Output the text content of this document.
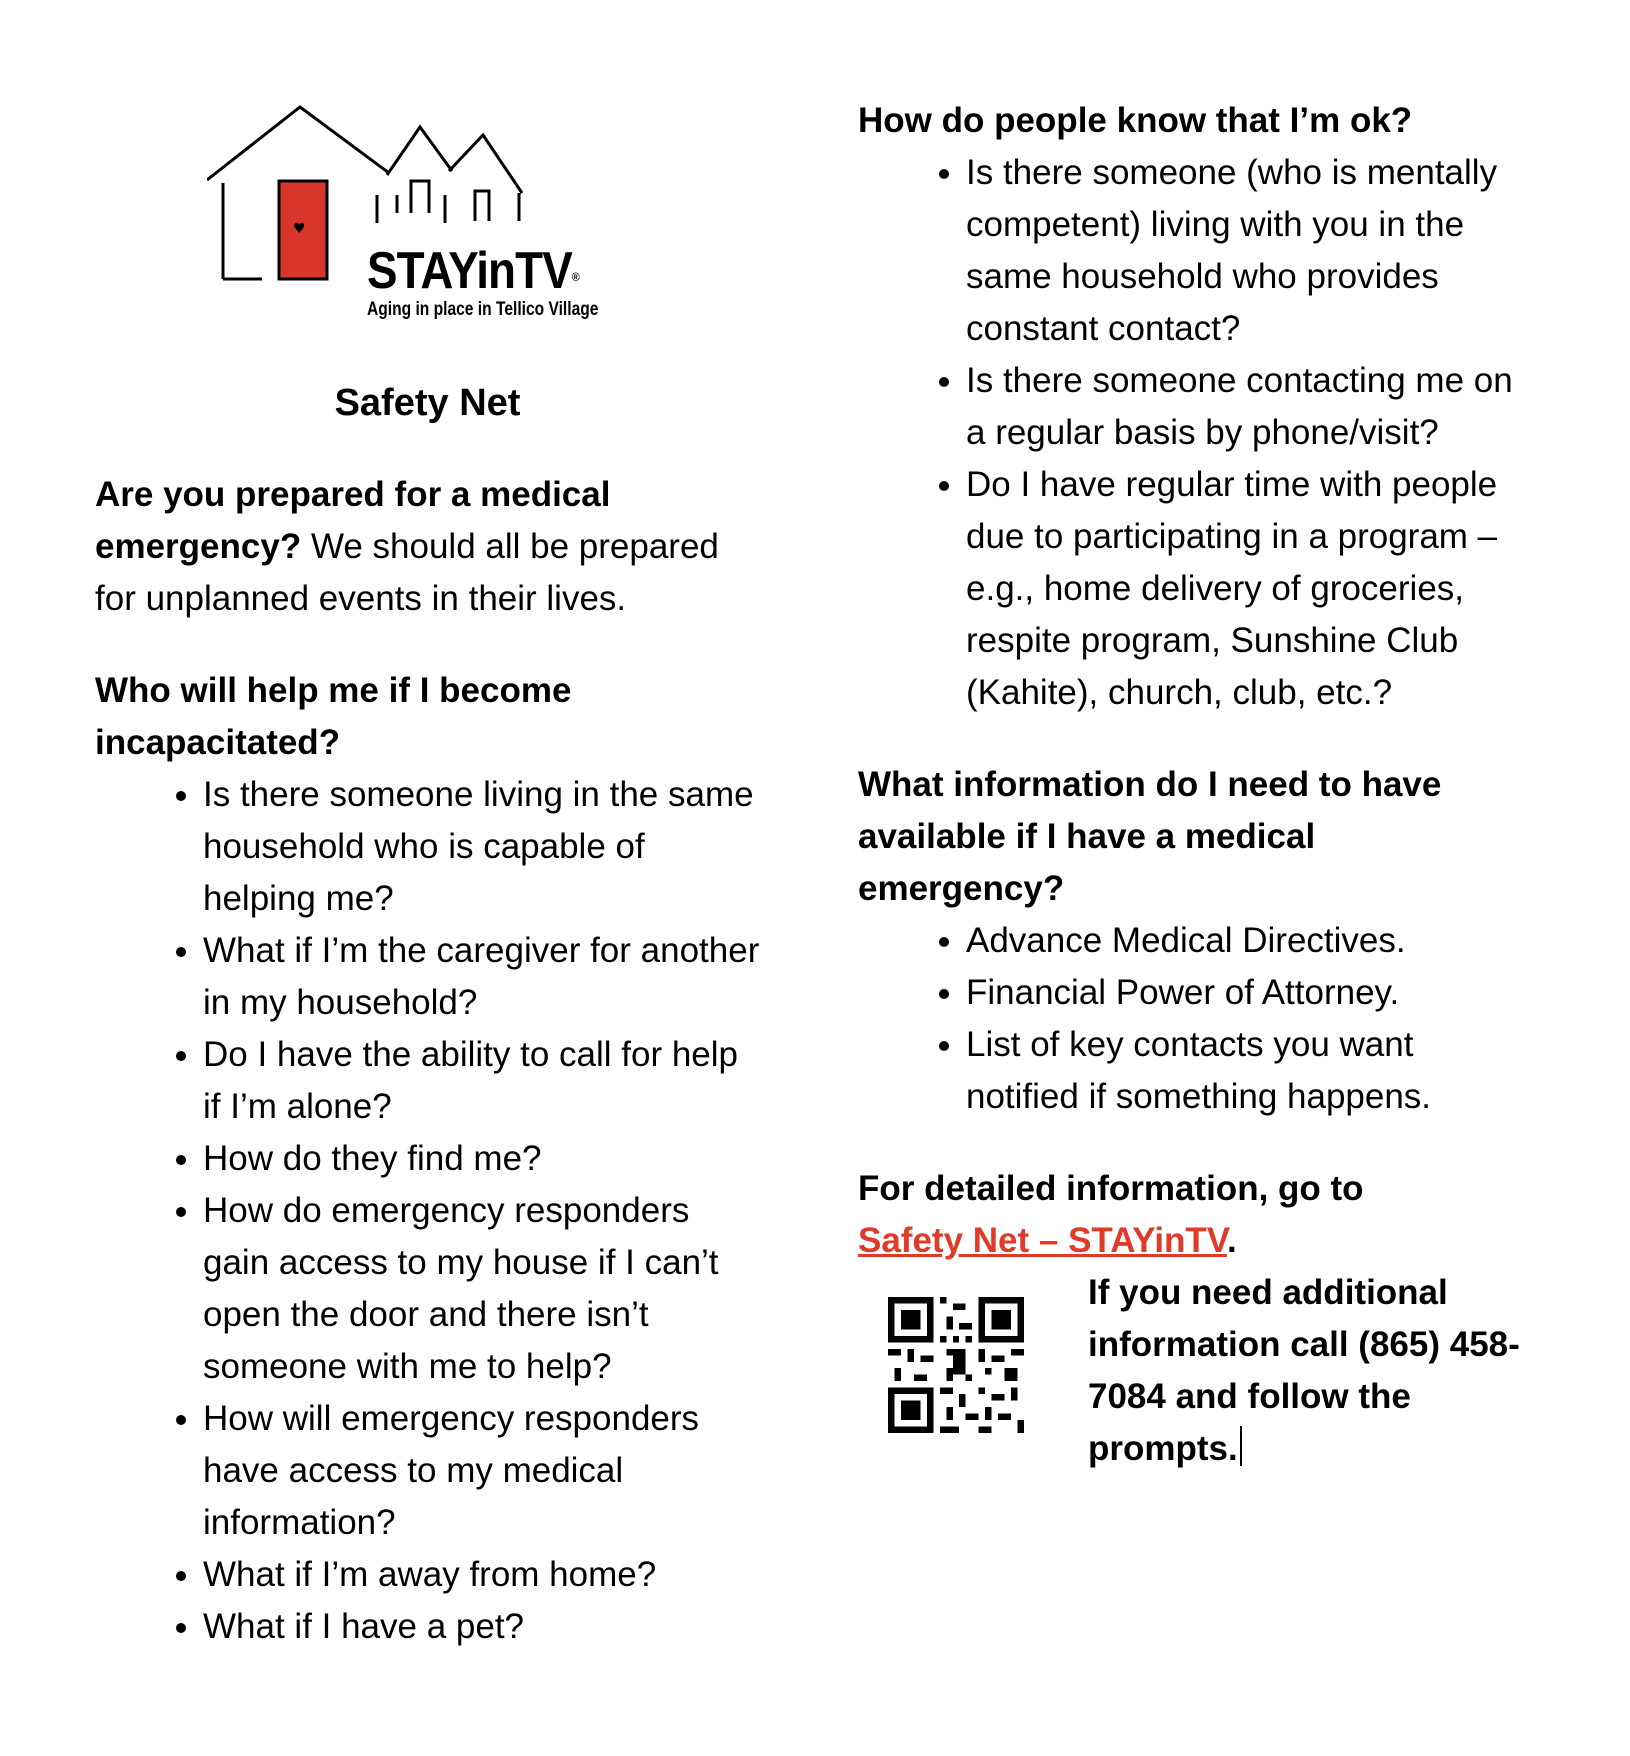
♥
STAYinTV®
Aging in place in Tellico Village
Safety Net

Are you prepared for a medical emergency? We should all be prepared for unplanned events in their lives.

Who will help me if I become incapacitated?

• Is there someone living in the same household who is capable of helping me?
• What if I’m the caregiver for another in my household?
• Do I have the ability to call for help if I’m alone?
• How do they find me?
• How do emergency responders gain access to my house if I can’t open the door and there isn’t someone with me to help?
• How will emergency responders have access to my medical information?
• What if I’m away from home?
• What if I have a pet?

How do people know that I’m ok?

• Is there someone (who is mentally competent) living with you in the same household who provides constant contact?
• Is there someone contacting me on a regular basis by phone/visit?
• Do I have regular time with people due to participating in a program – e.g., home delivery of groceries, respite program, Sunshine Club (Kahite), church, club, etc.?

What information do I need to have available if I have a medical emergency?

• Advance Medical Directives.
• Financial Power of Attorney.
• List of key contacts you want notified if something happens.

For detailed information, go to
Safety Net – STAYinTV.

If you need additional information call (865) 458-7084 and follow the prompts.
